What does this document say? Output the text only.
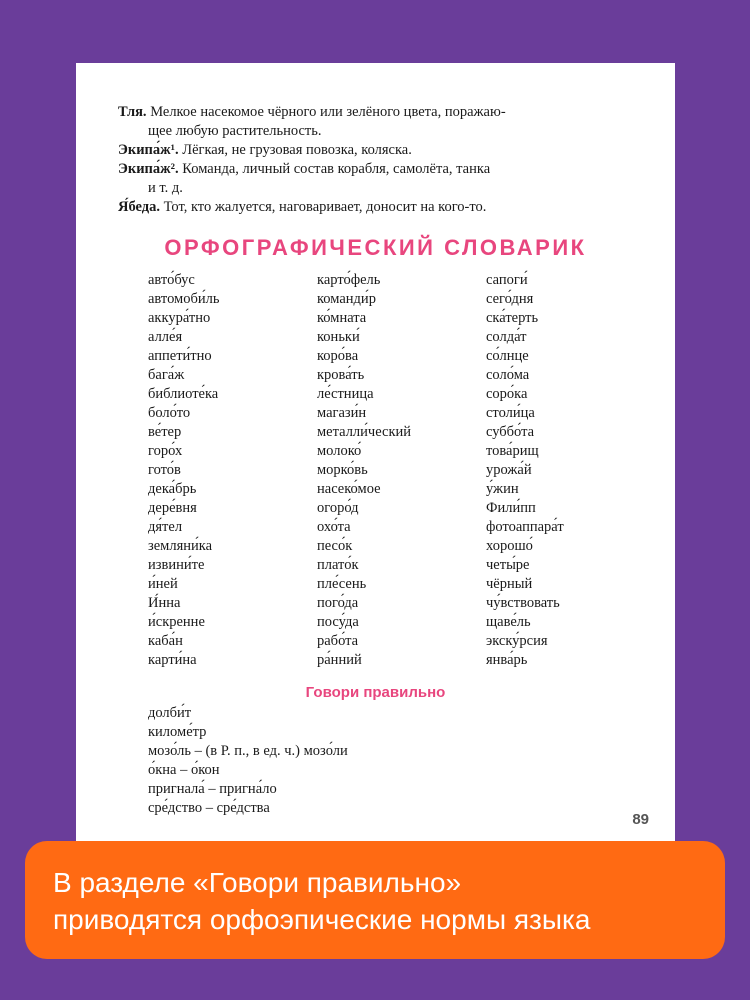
Тля. Мелкое насекомое чёрного или зелёного цвета, поражаю-

щее любую растительность.

Экипа́ж¹. Лёгкая, не грузовая повозка, коляска.

Экипа́ж². Команда, личный состав корабля, самолёта, танка

и т. д.

Я́беда. Тот, кто жалуется, наговаривает, доносит на кого-то.

ОРФОГРАФИЧЕСКИЙ СЛОВАРИК
авто́бус
автомоби́ль
аккура́тно
алле́я
аппети́тно
бага́ж
библиоте́ка
боло́то
ве́тер
горо́х
гото́в
дека́брь
дере́вня
дя́тел
земляни́ка
извини́те
и́ней
И́нна
и́скренне
каба́н
карти́на
карто́фель
команди́р
ко́мната
коньки́
коро́ва
крова́ть
ле́стница
магази́н
металли́ческий
молоко́
морко́вь
насеко́мое
огоро́д
охо́та
песо́к
плато́к
пле́сень
пого́да
посу́да
рабо́та
ра́нний
сапоги́
сего́дня
ска́терть
солда́т
со́лнце
соло́ма
соро́ка
столи́ца
суббо́та
това́рищ
урожа́й
у́жин
Фили́пп
фотоаппара́т
хорошо́
четы́ре
чёрный
чу́вствовать
щаве́ль
экску́рсия
янва́рь
Говори правильно
долби́т
киломе́тр
мозо́ль – (в Р. п., в ед. ч.) мозо́ли
о́кна – о́кон
пригнала́ – пригна́ло
сре́дство – сре́дства
89
В разделе «Говори правильно»
приводятся орфоэпические нормы языка
